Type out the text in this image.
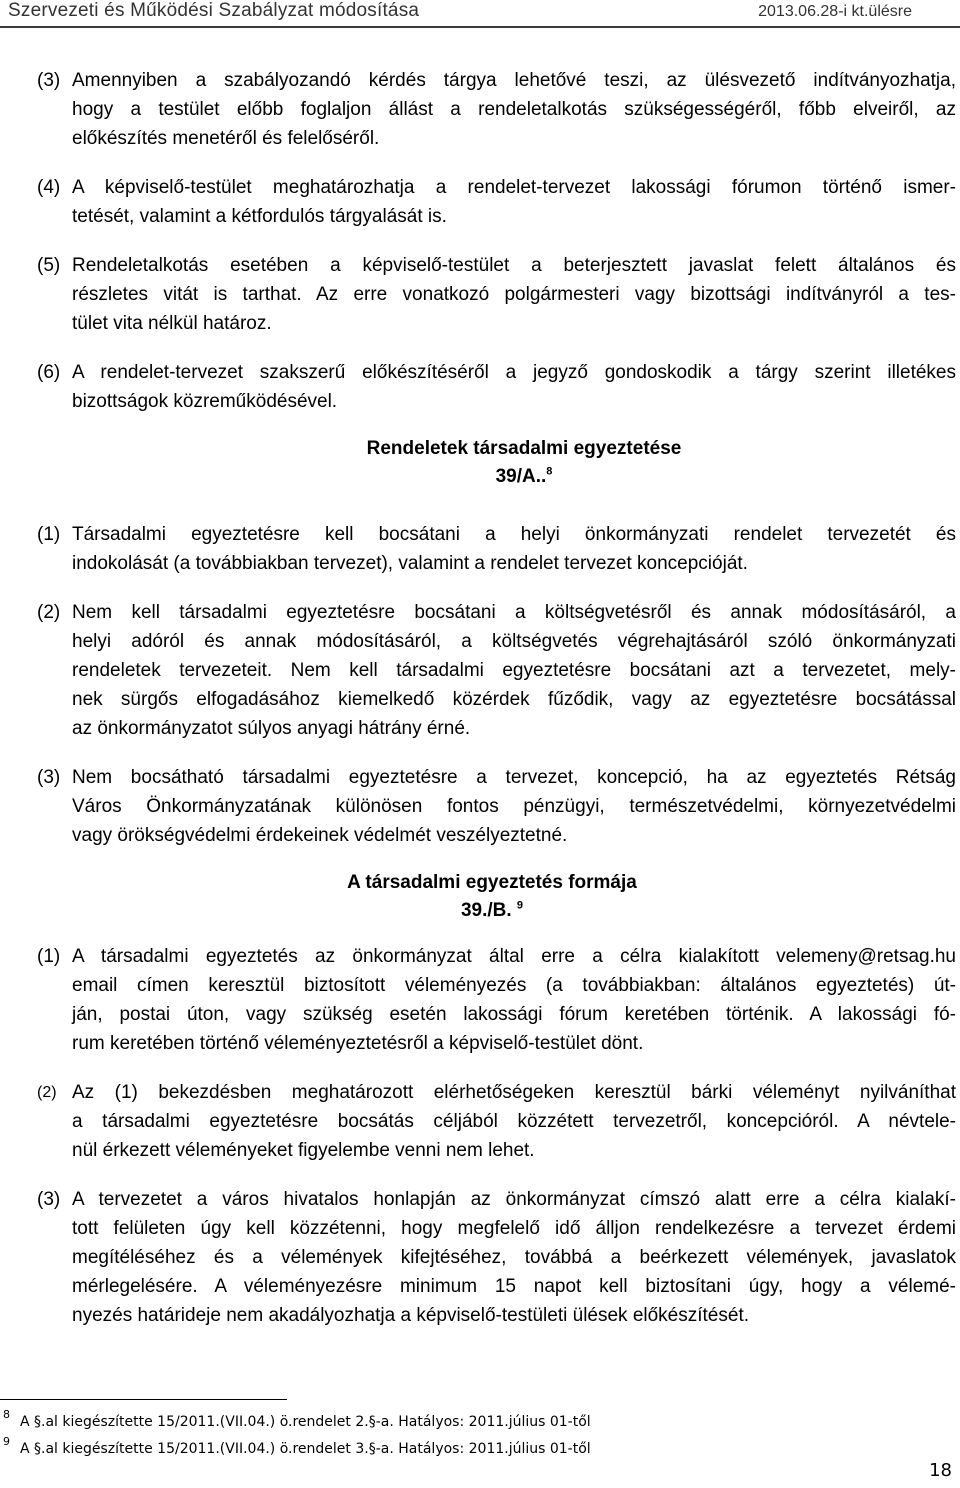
Szervezeti és Működési Szabályzat módosítása	2013.06.28-i kt.ülésre
(3) Amennyiben a szabályozandó kérdés tárgya lehetővé teszi, az ülésvezető indítványozhatja,
hogy a testület előbb foglaljon állást a rendeletalkotás szükségességéről, főbb elveiről, az
előkészítés menetéről és felelőséről.
(4) A képviselő-testület meghatározhatja a rendelet-tervezet lakossági fórumon történő ismer-
tetését, valamint a kétfordulós tárgyalását is.
(5) Rendeletalkotás esetében a képviselő-testület a beterjesztett javaslat felett általános és
részletes vitát is tarthat. Az erre vonatkozó polgármesteri vagy bizottsági indítványról a tes-
tület vita nélkül határoz.
(6) A rendelet-tervezet szakszerű előkészítéséről a jegyző gondoskodik a tárgy szerint illetékes
bizottságok közreműködésével.
Rendeletek társadalmi egyeztetése
39/A..$^8$
(1) Társadalmi egyeztetésre kell bocsátani a helyi önkormányzati rendelet tervezetét és
indokolását (a továbbiakban tervezet), valamint a rendelet tervezet koncepcióját.
(2) Nem kell társadalmi egyeztetésre bocsátani a költségvetésről és annak módosításáról, a
helyi adóról és annak módosításáról, a költségvetés végrehajtásáról szóló önkormányzati
rendeletek tervezeteit. Nem kell társadalmi egyeztetésre bocsátani azt a tervezetet, mely-
nek sürgős elfogadásához kiemelkedő közérdek fűződik, vagy az egyeztetésre bocsátással
az önkormányzatot súlyos anyagi hátrány érné.
(3) Nem bocsátható társadalmi egyeztetésre a tervezet, koncepció, ha az egyeztetés Rétság
Város Önkormányzatának különösen fontos pénzügyi, természetvédelmi, környezetvédelmi
vagy örökségvédelmi érdekeinek védelmét veszélyeztetné.
A társadalmi egyeztetés formája
39./B. $^9$
(1) A társadalmi egyeztetés az önkormányzat által erre a célra kialakított velemeny@retsag.hu
email címen keresztül biztosított véleményezés (a továbbiakban: általános egyeztetés) út-
ján, postai úton, vagy szükség esetén lakossági fórum keretében történik. A lakossági fó-
rum keretében történő véleményeztetésről a képviselő-testület dönt.
(2) Az (1) bekezdésben meghatározott elérhetőségeken keresztül bárki véleményt nyilváníthat
a társadalmi egyeztetésre bocsátás céljából közzétett tervezetről, koncepcióról. A névtele-
nül érkezett véleményeket figyelembe venni nem lehet.
(3) A tervezetet a város hivatalos honlapján az önkormányzat címszó alatt erre a célra kialakí-
tott felületen úgy kell közzétenni, hogy megfelelő idő álljon rendelkezésre a tervezet érdemi
megítéléséhez és a vélemények kifejtéséhez, továbbá a beérkezett vélemények, javaslatok
mérlegelésére. A véleményezésre minimum 15 napot kell biztosítani úgy, hogy a vélemé-
nyezés határideje nem akadályozhatja a képviselő-testületi ülések előkészítését.
8 A §.al kiegészítette 15/2011.(VII.04.) ö.rendelet 2.§-a. Hatályos: 2011.július 01-től
9 A §.al kiegészítette 15/2011.(VII.04.) ö.rendelet 3.§-a. Hatályos: 2011.július 01-től
18
